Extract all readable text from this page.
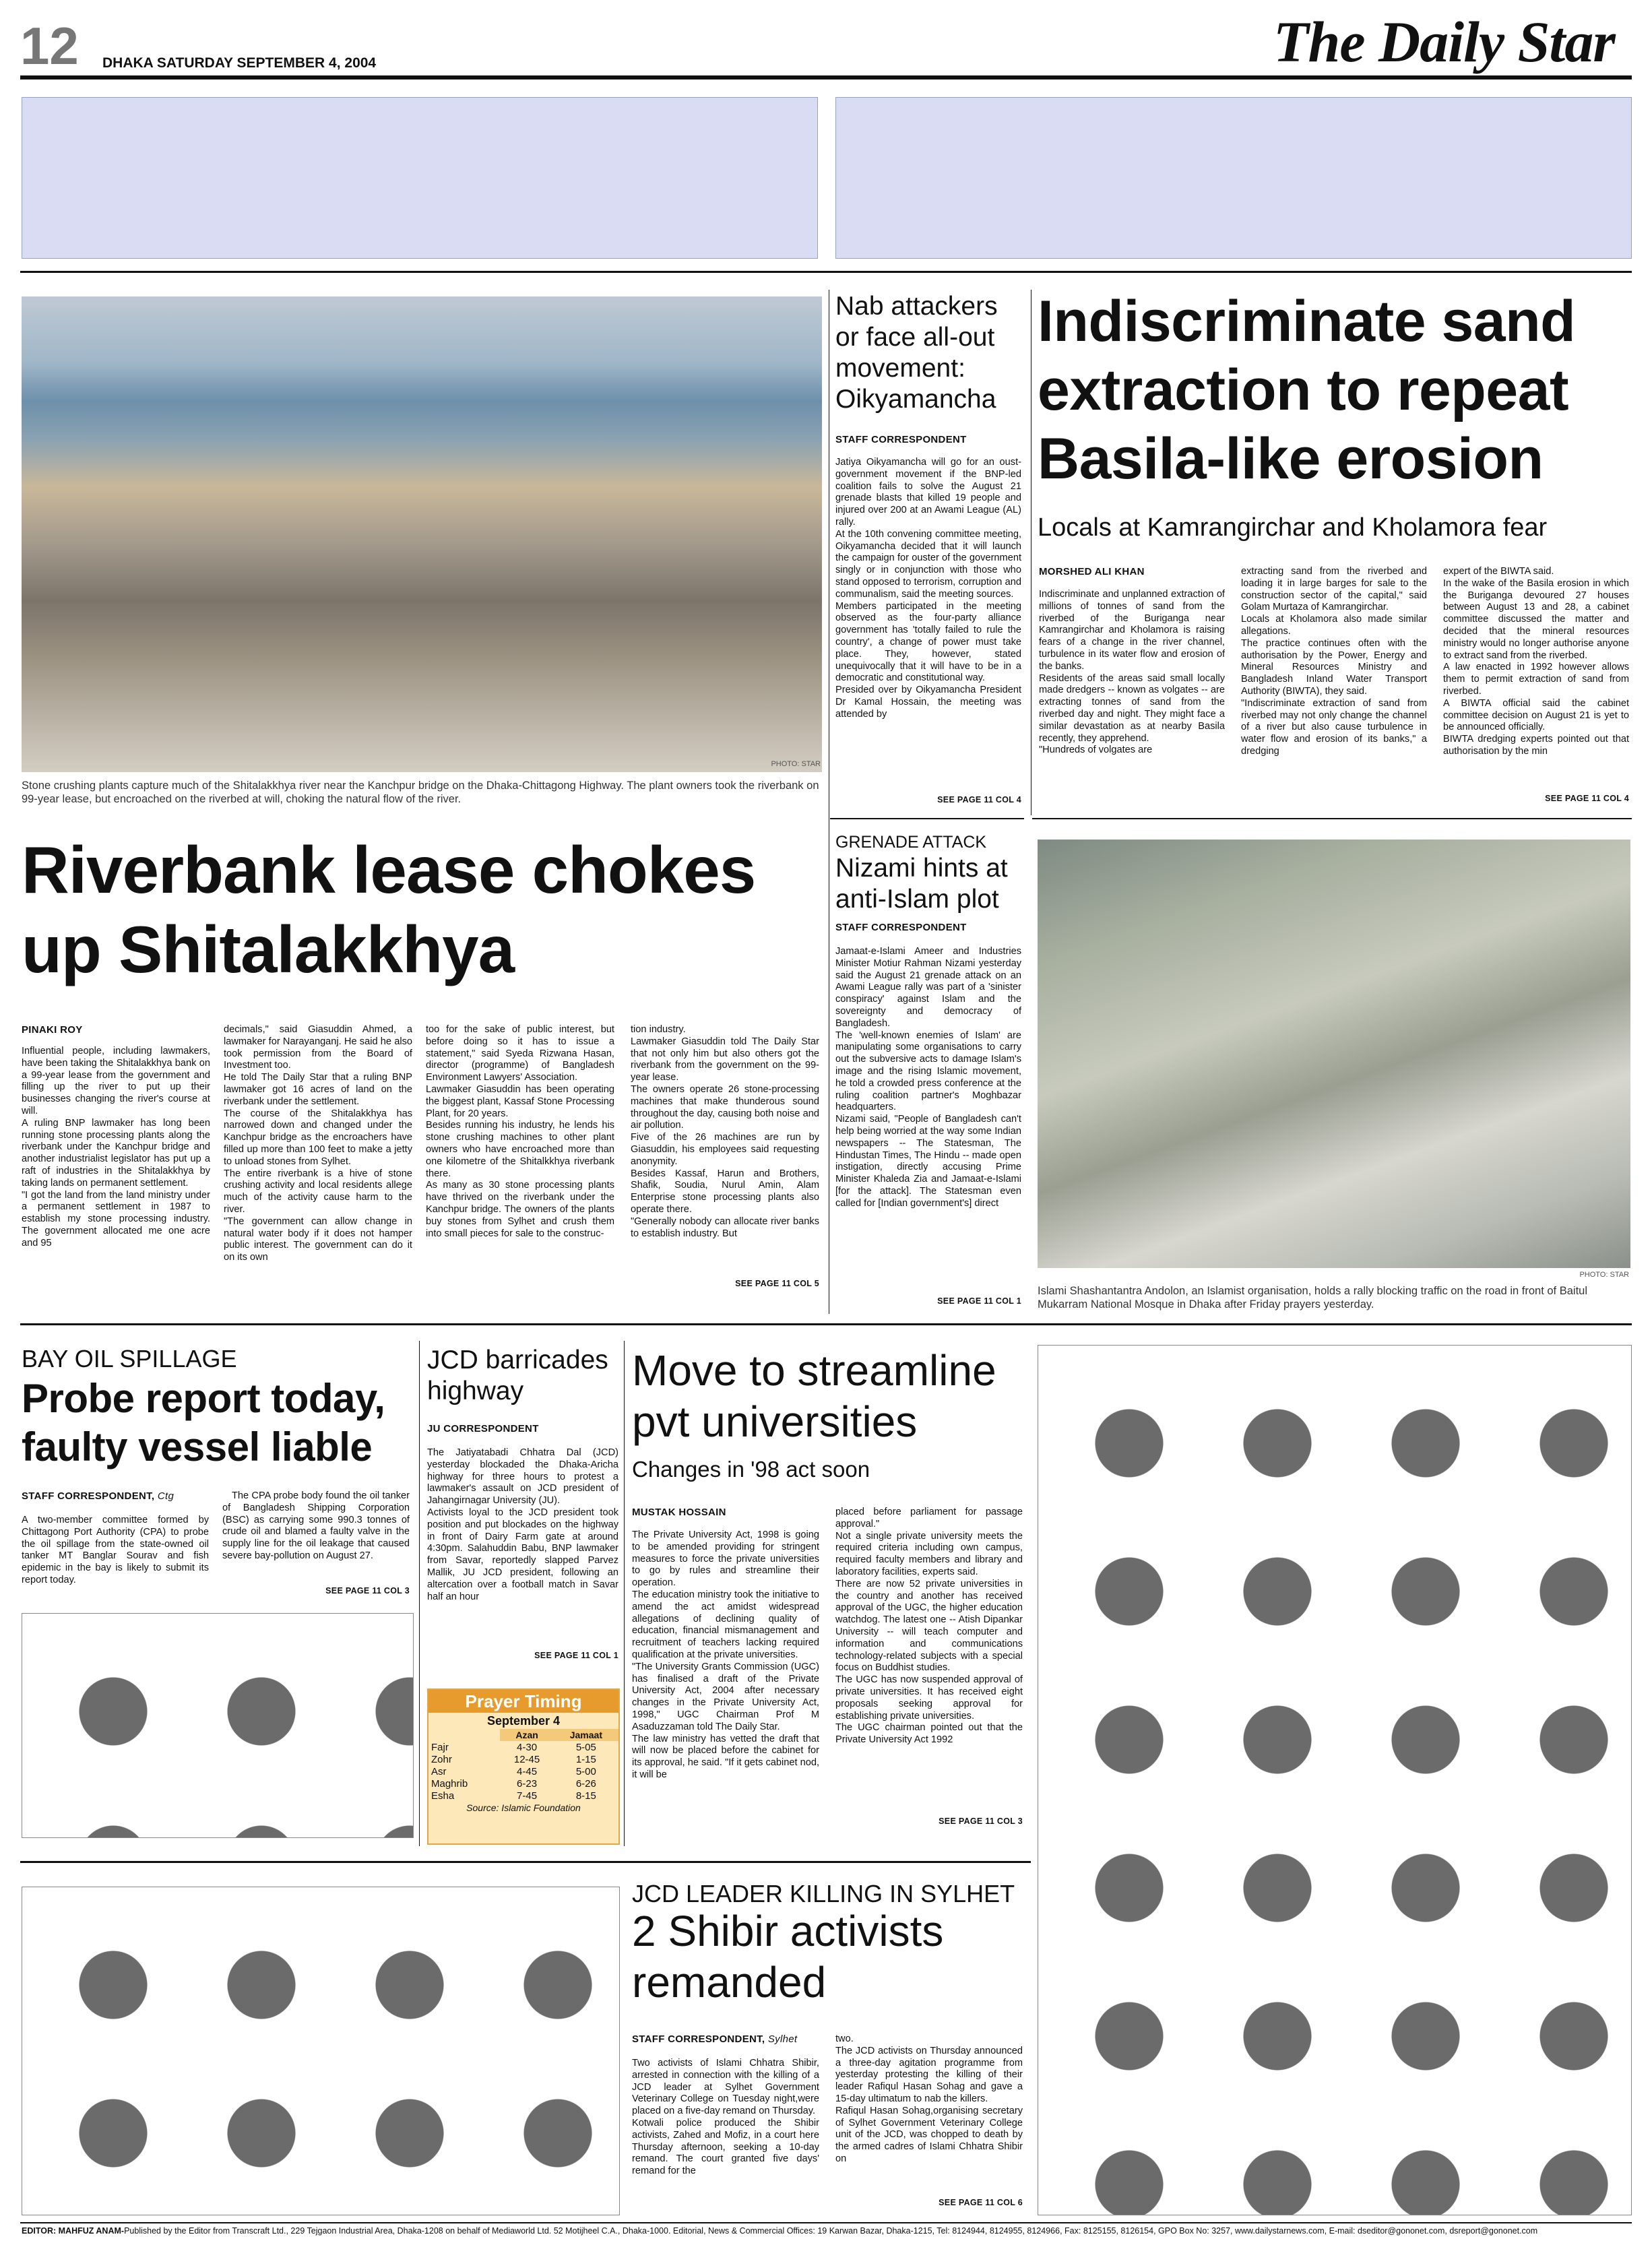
12 DHAKA SATURDAY SEPTEMBER 4, 2004	The Daily Star
PHOTO: STAR
Stone crushing plants capture much of the Shitalakkhya river near the Kanchpur bridge on the Dhaka-Chittagong Highway. The plant owners took the riverbank on 99-year lease, but encroached on the riverbed at will, choking the natural flow of the river.
Riverbank lease chokes
up Shitalakkhya
PINAKI ROY
Influential people, including lawmakers, have been taking the Shitalakkhya bank on a 99-year lease from the government and filling up the river to put up their businesses changing the river's course at will.
A ruling BNP lawmaker has long been running stone processing plants along the riverbank under the Kanchpur bridge and another industrialist legislator has put up a raft of industries in the Shitalakkhya by taking lands on permanent settlement.
"I got the land from the land ministry under a permanent settlement in 1987 to establish my stone processing industry. The government allocated me one acre and 95
decimals," said Giasuddin Ahmed, a lawmaker for Narayanganj. He said he also took permission from the Board of Investment too.
He told The Daily Star that a ruling BNP lawmaker got 16 acres of land on the riverbank under the settlement.
The course of the Shitalakkhya has narrowed down and changed under the Kanchpur bridge as the encroachers have filled up more than 100 feet to make a jetty to unload stones from Sylhet.
The entire riverbank is a hive of stone crushing activity and local residents allege much of the activity cause harm to the river.
"The government can allow change in natural water body if it does not hamper public interest. The government can do it on its own
too for the sake of public interest, but before doing so it has to issue a statement," said Syeda Rizwana Hasan, director (programme) of Bangladesh Environment Lawyers' Association.
Lawmaker Giasuddin has been operating the biggest plant, Kassaf Stone Processing Plant, for 20 years.
Besides running his industry, he lends his stone crushing machines to other plant owners who have encroached more than one kilometre of the Shitalkkhya riverbank there.
As many as 30 stone processing plants have thrived on the riverbank under the Kanchpur bridge. The owners of the plants buy stones from Sylhet and crush them into small pieces for sale to the construc-
tion industry.
Lawmaker Giasuddin told The Daily Star that not only him but also others got the riverbank from the government on the 99-year lease.
The owners operate 26 stone-processing machines that make thunderous sound throughout the day, causing both noise and air pollution.
Five of the 26 machines are run by Giasuddin, his employees said requesting anonymity.
Besides Kassaf, Harun and Brothers, Shafik, Soudia, Nurul Amin, Alam Enterprise stone processing plants also operate there.
"Generally nobody can allocate river banks to establish industry. But
SEE PAGE 11 COL 5
Nab attackers or face all-out movement: Oikyamancha
STAFF CORRESPONDENT
Jatiya Oikyamancha will go for an oust-government movement if the BNP-led coalition fails to solve the August 21 grenade blasts that killed 19 people and injured over 200 at an Awami League (AL) rally.
At the 10th convening committee meeting, Oikyamancha decided that it will launch the campaign for ouster of the government singly or in conjunction with those who stand opposed to terrorism, corruption and communalism, said the meeting sources.
Members participated in the meeting observed as the four-party alliance government has 'totally failed to rule the country', a change of power must take place. They, however, stated unequivocally that it will have to be in a democratic and constitutional way.
Presided over by Oikyamancha President Dr Kamal Hossain, the meeting was attended by
SEE PAGE 11 COL 4
Indiscriminate sand
extraction to repeat
Basila-like erosion
Locals at Kamrangirchar and Kholamora fear
MORSHED ALI KHAN
Indiscriminate and unplanned extraction of millions of tonnes of sand from the riverbed of the Buriganga near Kamrangirchar and Kholamora is raising fears of a change in the river channel, turbulence in its water flow and erosion of the banks.
Residents of the areas said small locally made dredgers -- known as volgates -- are extracting tonnes of sand from the riverbed day and night. They might face a similar devastation as at nearby Basila recently, they apprehend.
"Hundreds of volgates are
extracting sand from the riverbed and loading it in large barges for sale to the construction sector of the capital," said Golam Murtaza of Kamrangirchar.
Locals at Kholamora also made similar allegations.
The practice continues often with the authorisation by the Power, Energy and Mineral Resources Ministry and Bangladesh Inland Water Transport Authority (BIWTA), they said.
"Indiscriminate extraction of sand from riverbed may not only change the channel of a river but also cause turbulence in water flow and erosion of its banks," a dredging
expert of the BIWTA said.
In the wake of the Basila erosion in which the Buriganga devoured 27 houses between August 13 and 28, a cabinet committee discussed the matter and decided that the mineral resources ministry would no longer authorise anyone to extract sand from the riverbed.
A law enacted in 1992 however allows them to permit extraction of sand from riverbed.
A BIWTA official said the cabinet committee decision on August 21 is yet to be announced officially.
BIWTA dredging experts pointed out that authorisation by the min
SEE PAGE 11 COL 4
GRENADE ATTACK
Nizami hints at anti-Islam plot
STAFF CORRESPONDENT
Jamaat-e-Islami Ameer and Industries Minister Motiur Rahman Nizami yesterday said the August 21 grenade attack on an Awami League rally was part of a 'sinister conspiracy' against Islam and the sovereignty and democracy of Bangladesh.
The 'well-known enemies of Islam' are manipulating some organisations to carry out the subversive acts to damage Islam's image and the rising Islamic movement, he told a crowded press conference at the ruling coalition partner's Moghbazar headquarters.
Nizami said, "People of Bangladesh can't help being worried at the way some Indian newspapers -- The Statesman, The Hindustan Times, The Hindu -- made open instigation, directly accusing Prime Minister Khaleda Zia and Jamaat-e-Islami [for the attack]. The Statesman even called for [Indian government's] direct
SEE PAGE 11 COL 1
PHOTO: STAR
Islami Shashantantra Andolon, an Islamist organisation, holds a rally blocking traffic on the road in front of Baitul Mukarram National Mosque in Dhaka after Friday prayers yesterday.
BAY OIL SPILLAGE
Probe report today, faulty vessel liable
STAFF CORRESPONDENT, Ctg
A two-member committee formed by Chittagong Port Authority (CPA) to probe the oil spillage from the state-owned oil tanker MT Banglar Sourav and fish epidemic in the bay is likely to submit its report today.
The CPA probe body found the oil tanker of Bangladesh Shipping Corporation (BSC) as carrying some 990.3 tonnes of crude oil and blamed a faulty valve in the supply line for the oil leakage that caused severe bay-pollution on August 27.
SEE PAGE 11 COL 3
JCD barricades highway
JU CORRESPONDENT
The Jatiyatabadi Chhatra Dal (JCD) yesterday blockaded the Dhaka-Aricha highway for three hours to protest a lawmaker's assault on JCD president of Jahangirnagar University (JU).
Activists loyal to the JCD president took position and put blockades on the highway in front of Dairy Farm gate at around 4:30pm. Salahuddin Babu, BNP lawmaker from Savar, reportedly slapped Parvez Mallik, JU JCD president, following an altercation over a football match in Savar half an hour
SEE PAGE 11 COL 1
Prayer Timing
September 4
	Azan	Jamaat
Fajr	4-30	5-05
Zohr	12-45	1-15
Asr	4-45	5-00
Maghrib	6-23	6-26
Esha	7-45	8-15
Source: Islamic Foundation
Move to streamline pvt universities
Changes in '98 act soon
MUSTAK HOSSAIN
The Private University Act, 1998 is going to be amended providing for stringent measures to force the private universities to go by rules and streamline their operation.
The education ministry took the initiative to amend the act amidst widespread allegations of declining quality of education, financial mismanagement and recruitment of teachers lacking required qualification at the private universities.
"The University Grants Commission (UGC) has finalised a draft of the Private University Act, 2004 after necessary changes in the Private University Act, 1998," UGC Chairman Prof M Asaduzzaman told The Daily Star.
The law ministry has vetted the draft that will now be placed before the cabinet for its approval, he said. "If it gets cabinet nod, it will be
placed before parliament for passage approval."
Not a single private university meets the required criteria including own campus, required faculty members and library and laboratory facilities, experts said.
There are now 52 private universities in the country and another has received approval of the UGC, the higher education watchdog. The latest one -- Atish Dipankar University -- will teach computer and information and communications technology-related subjects with a special focus on Buddhist studies.
The UGC has now suspended approval of private universities. It has received eight proposals seeking approval for establishing private universities.
The UGC chairman pointed out that the Private University Act 1992
SEE PAGE 11 COL 3
JCD LEADER KILLING IN SYLHET
2 Shibir activists remanded
STAFF CORRESPONDENT, Sylhet
Two activists of Islami Chhatra Shibir, arrested in connection with the killing of a JCD leader at Sylhet Government Veterinary College on Tuesday night,were placed on a five-day remand on Thursday.
Kotwali police produced the Shibir activists, Zahed and Mofiz, in a court here Thursday afternoon, seeking a 10-day remand. The court granted five days' remand for the
two.
The JCD activists on Thursday announced a three-day agitation programme from yesterday protesting the killing of their leader Rafiqul Hasan Sohag and gave a 15-day ultimatum to nab the killers.
Rafiqul Hasan Sohag,organising secretary of Sylhet Government Veterinary College unit of the JCD, was chopped to death by the armed cadres of Islami Chhatra Shibir on
SEE PAGE 11 COL 6
EDITOR: MAHFUZ ANAM-Published by the Editor from Transcraft Ltd., 229 Tejgaon Industrial Area, Dhaka-1208 on behalf of Mediaworld Ltd. 52 Motijheel C.A., Dhaka-1000. Editorial, News & Commercial Offices: 19 Karwan Bazar, Dhaka-1215, Tel: 8124944, 8124955, 8124966, Fax: 8125155, 8126154, GPO Box No: 3257, www.dailystarnews.com, E-mail: dseditor@gononet.com, dsreport@gononet.com
